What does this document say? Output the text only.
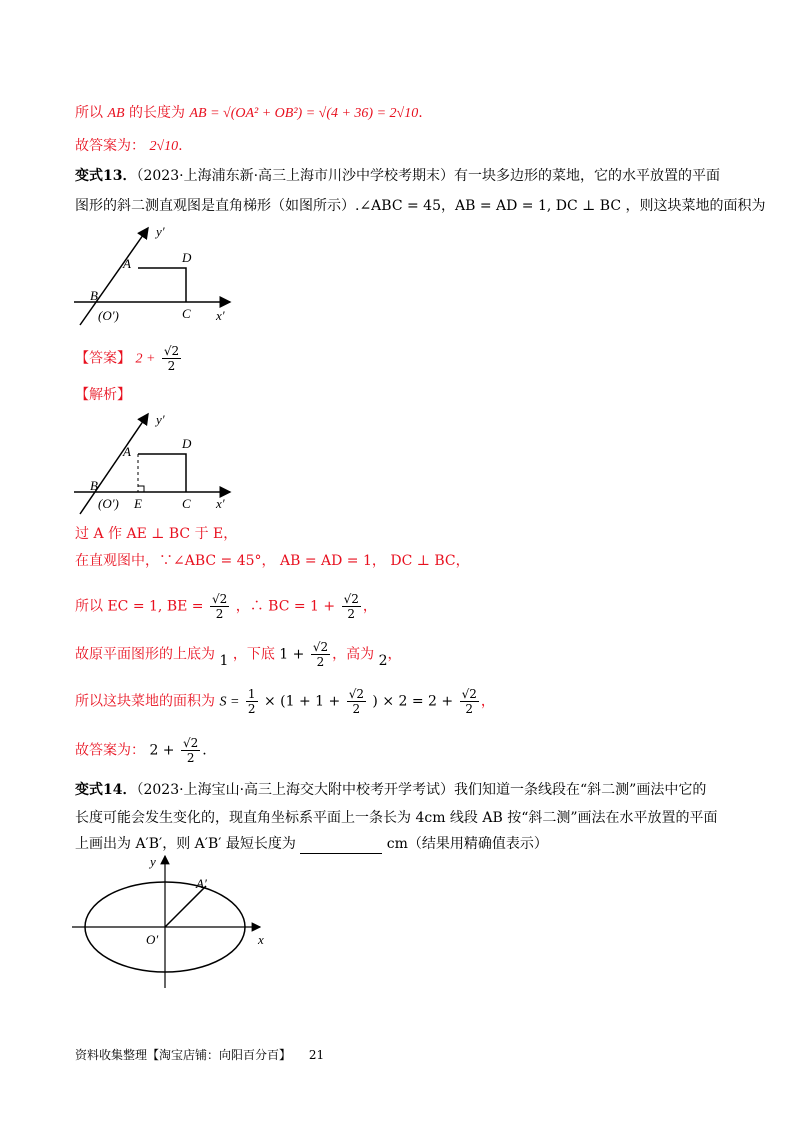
所以 AB 的长度为 AB = √(OA² + OB²) = √(4 + 36) = 2√10.
故答案为： 2√10.
变式13．（2023·上海浦东新·高三上海市川沙中学校考期末）有一块多边形的菜地，它的水平放置的平面
图形的斜二测直观图是直角梯形（如图所示）.∠ABC = 45，AB = AD = 1, DC ⊥ BC ，则这块菜地的面积为
y′
A	D
B
(O′)	C x′
【答案】 $2 + \frac{√2}{2}$
【解析】
y′
A
D
B
(O′) E	C x′
过 A 作 AE ⊥ BC 于 E，
在直观图中，∵∠ABC = 45°， AB = AD = 1， DC ⊥ BC，
所以 EC = 1, BE = $\frac{√2}{2}$ ，∴ BC = $1 + \frac{√2}{2}$ ，
故原平面图形的上底为 1 ，下底 $1 + \frac{√2}{2}$ ，高为 2，
所以这块菜地的面积为 $S = \frac{1}{2} \times (1 + 1 + \frac{√2}{2}$ ) × $2 = 2 + \frac{√2}{2}$ ，
故答案为： $2 + \frac{√2}{2}$ .
变式14．（2023·上海宝山·高三上海交大附中校考开学考试）我们知道一条线段在“斜二测”画法中它的
长度可能会发生变化的，现直角坐标系平面上一条长为 4cm 线段 AB 按“斜二测”画法在水平放置的平面
上画出为 A′B′，则 A′B′ 最短长度为	cm（结果用精确值表示）
y
A′
O′	x
资料收集整理【淘宝店铺：向阳百分百】 21
